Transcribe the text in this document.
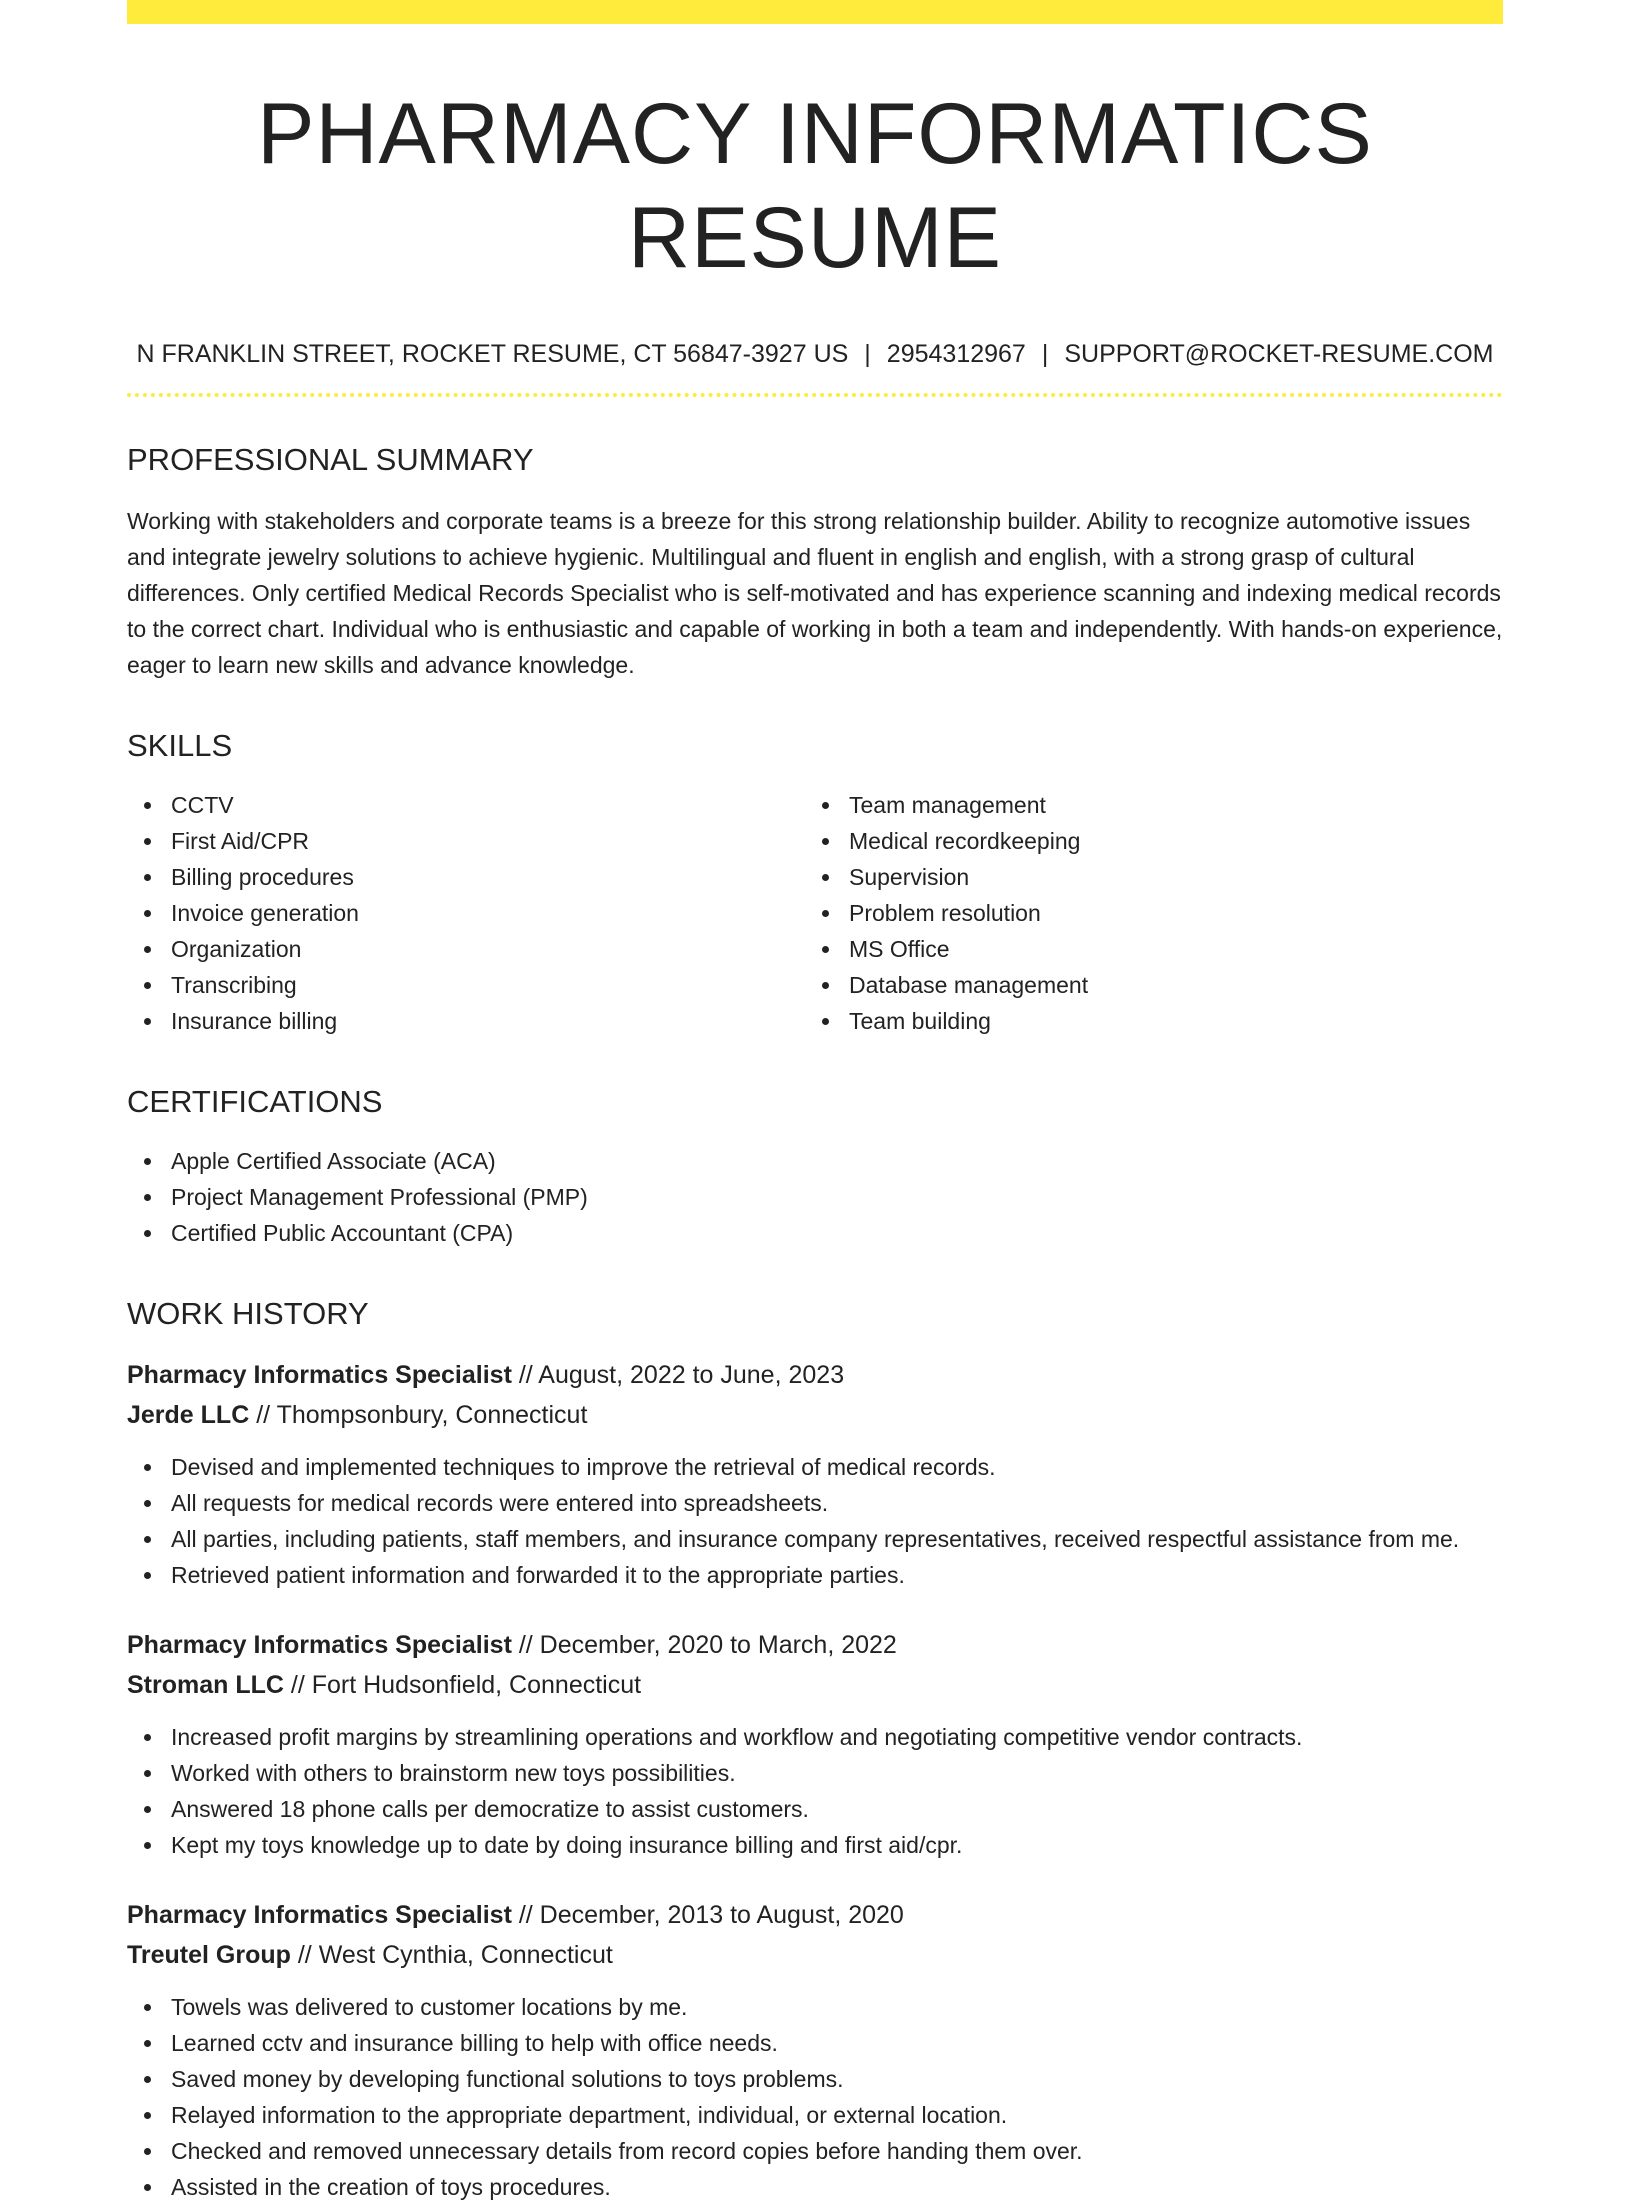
PHARMACY INFORMATICS RESUME
N FRANKLIN STREET, ROCKET RESUME, CT 56847-3927 US | 2954312967 | SUPPORT@ROCKET-RESUME.COM
PROFESSIONAL SUMMARY

Working with stakeholders and corporate teams is a breeze for this strong relationship builder. Ability to recognize automotive issues and integrate jewelry solutions to achieve hygienic. Multilingual and fluent in english and english, with a strong grasp of cultural differences. Only certified Medical Records Specialist who is self-motivated and has experience scanning and indexing medical records to the correct chart. Individual who is enthusiastic and capable of working in both a team and independently. With hands-on experience, eager to learn new skills and advance knowledge.

SKILLS
CCTV
First Aid/CPR
Billing procedures
Invoice generation
Organization
Transcribing
Insurance billing
Team management
Medical recordkeeping
Supervision
Problem resolution
MS Office
Database management
Team building
CERTIFICATIONS
Apple Certified Associate (ACA)
Project Management Professional (PMP)
Certified Public Accountant (CPA)
WORK HISTORY
Pharmacy Informatics Specialist // August, 2022 to June, 2023
Jerde LLC // Thompsonbury, Connecticut
Devised and implemented techniques to improve the retrieval of medical records.
All requests for medical records were entered into spreadsheets.
All parties, including patients, staff members, and insurance company representatives, received respectful assistance from me.
Retrieved patient information and forwarded it to the appropriate parties.
Pharmacy Informatics Specialist // December, 2020 to March, 2022
Stroman LLC // Fort Hudsonfield, Connecticut
Increased profit margins by streamlining operations and workflow and negotiating competitive vendor contracts.
Worked with others to brainstorm new toys possibilities.
Answered 18 phone calls per democratize to assist customers.
Kept my toys knowledge up to date by doing insurance billing and first aid/cpr.
Pharmacy Informatics Specialist // December, 2013 to August, 2020
Treutel Group // West Cynthia, Connecticut
Towels was delivered to customer locations by me.
Learned cctv and insurance billing to help with office needs.
Saved money by developing functional solutions to toys problems.
Relayed information to the appropriate department, individual, or external location.
Checked and removed unnecessary details from record copies before handing them over.
Assisted in the creation of toys procedures.
